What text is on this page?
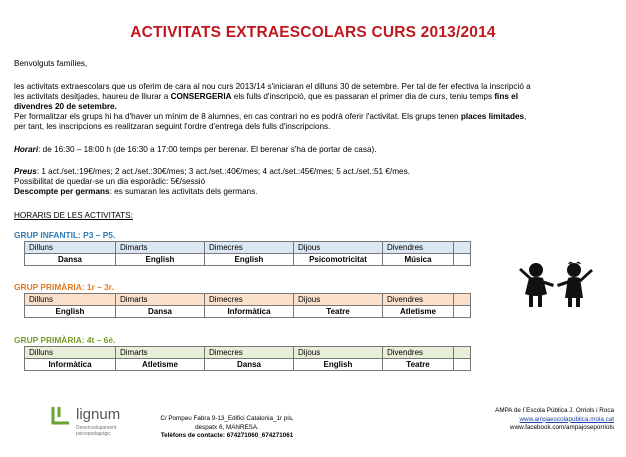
ACTIVITATS EXTRAESCOLARS CURS 2013/2014
Benvolguts famílies,
les activitats extraescolars que us oferim de cara al nou curs 2013/14 s'iniciaran el dilluns 30 de setembre. Per tal de fer efectiva la inscripció a
les activitats desitjades, haureu de lliurar a CONSERGERIA els fulls d'inscripció, que es passaran el primer dia de curs, teniu temps fins el
divendres 20 de setembre.
Per formalitzar els grups hi ha d'haver un mínim de 8 alumnes, en cas contrari no es podrà oferir l'activitat. Els grups tenen places limitades,
per tant, les inscripcions es realitzaran seguint l'ordre d'entrega dels fulls d'inscripcions.
Horari: de 16:30 – 18:00 h (de 16:30 a 17:00 temps per berenar. El berenar s'ha de portar de casa).
Preus: 1 act./set.:19€/mes; 2 act./set.:30€/mes; 3 act./set.:40€/mes; 4 act./set.:45€/mes; 5 act./set.:51 €/mes.
Possibilitat de quedar-se un dia esporàdic: 5€/sessió
Descompte per germans: es sumaran les activitats dels germans.
HORARIS DE LES ACTIVITATS:
GRUP INFANTIL: P3 – P5.
Dilluns	Dimarts	Dimecres	Dijous	Divendres	
Dansa	English	English	Psicomotricitat	Música	
GRUP PRIMÀRIA: 1r – 3r.
Dilluns	Dimarts	Dimecres	Dijous	Divendres	
English	Dansa	Informàtica	Teatre	Atletisme	
GRUP PRIMÀRIA: 4t – 6è.
Dilluns	Dimarts	Dimecres	Dijous	Divendres	
Informàtica	Atletisme	Dansa	English	Teatre	
lignum
Desenvolupament
psicopedagògic
C/ Pompeu Fabra 9-13_Edifici Catalonia_1r pis,
despatx 6, MANRESA.
Telèfons de contacte: 674271060_674271061
AMPA de l´Escola Pública J. Orriols i Roca
www.ampaescolapublica.moia.cat
www.facebook.com/ampajoseporriols
